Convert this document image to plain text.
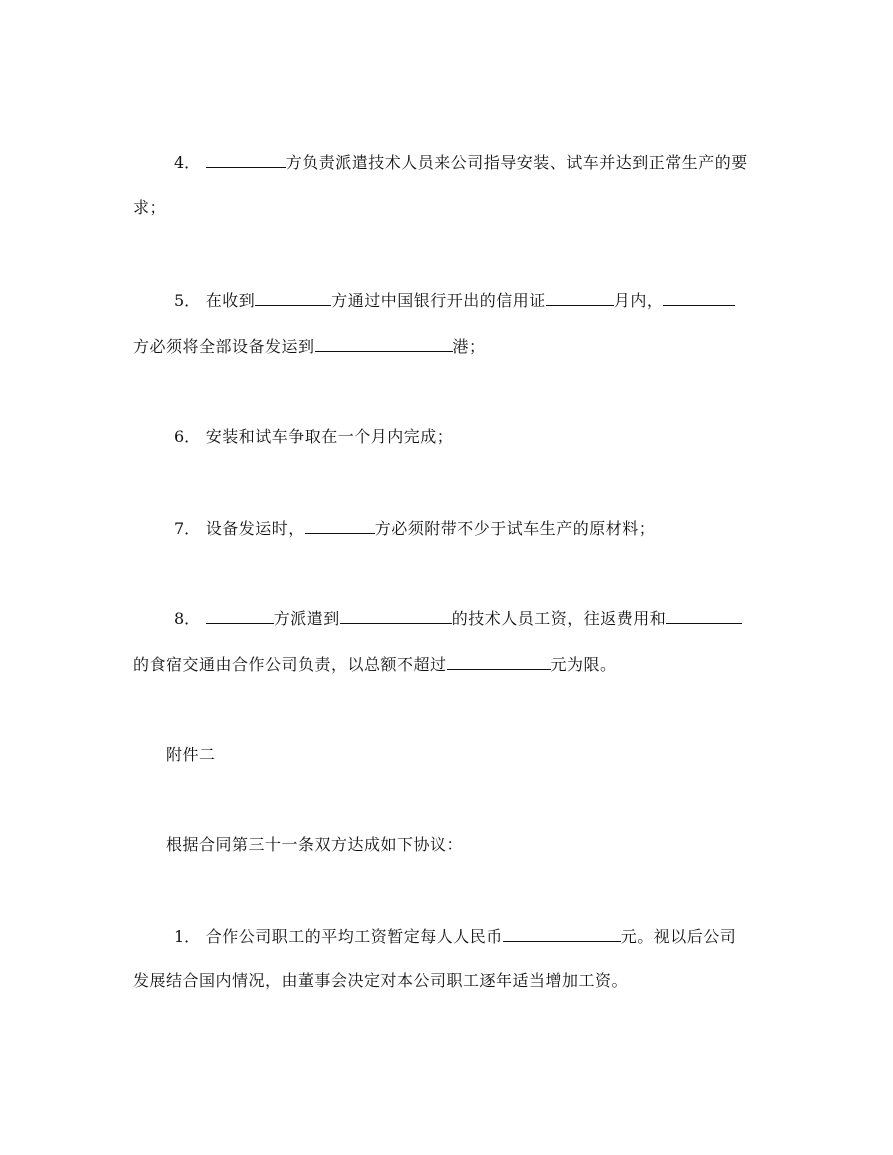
4．	方负责派遣技术人员来公司指导安装、试车并达到正常生产的要
求；
5． 在收到	方通过中国银行开出的信用证	月内，
方必须将全部设备发运到	港；
6． 安装和试车争取在一个月内完成；
7． 设备发运时，	方必须附带不少于试车生产的原材料；
8．	方派遣到	的技术人员工资，往返费用和
的食宿交通由合作公司负责，以总额不超过	元为限。
附件二
根据合同第三十一条双方达成如下协议：
1． 合作公司职工的平均工资暂定每人人民币	元。视以后公司
发展结合国内情况，由董事会决定对本公司职工逐年适当增加工资。
